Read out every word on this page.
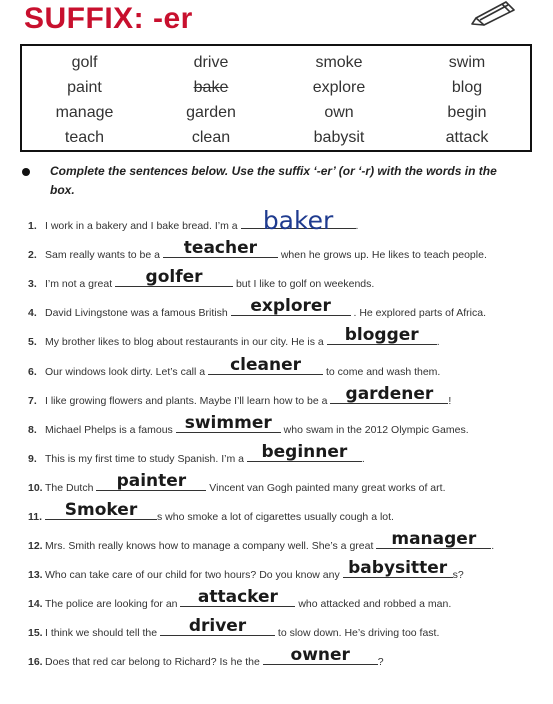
SUFFIX: -er
golf	drive	smoke	swim
paint	bake	explore	blog
manage	garden	own	begin
teach	clean	babysit	attack
Complete the sentences below. Use the suffix ‘-er’ (or ‘-r) with the words in the box.
1. I work in a bakery and I bake bread. I’m a	baker	.
2. Sam really wants to be a	teacher	when he grows up. He likes to teach people.
3. I’m not a great	golfer	but I like to golf on weekends.
4. David Livingstone was a famous British	explorer	. He explored parts of Africa.
5. My brother likes to blog about restaurants in our city. He is a	blogger	.
6. Our windows look dirty. Let’s call a	cleaner	to come and wash them.
7. I like growing flowers and plants. Maybe I’ll learn how to be a	gardener	!
8. Michael Phelps is a famous swimmer who swam in the 2012 Olympic Games.
9. This is my first time to study Spanish. I’m a	beginner	.
10. The Dutch	painter	Vincent van Gogh painted many great works of art.
11.	Smoker	s who smoke a lot of cigarettes usually cough a lot.
12. Mrs. Smith really knows how to manage a company well. She’s a great	manager	.
13. Who can take care of our child for two hours? Do you know any babysitter s?
14. The police are looking for an	attacker	who attacked and robbed a man.
15. I think we should tell the	driver	to slow down. He’s driving too fast.
16. Does that red car belong to Richard? Is he the	owner	?
